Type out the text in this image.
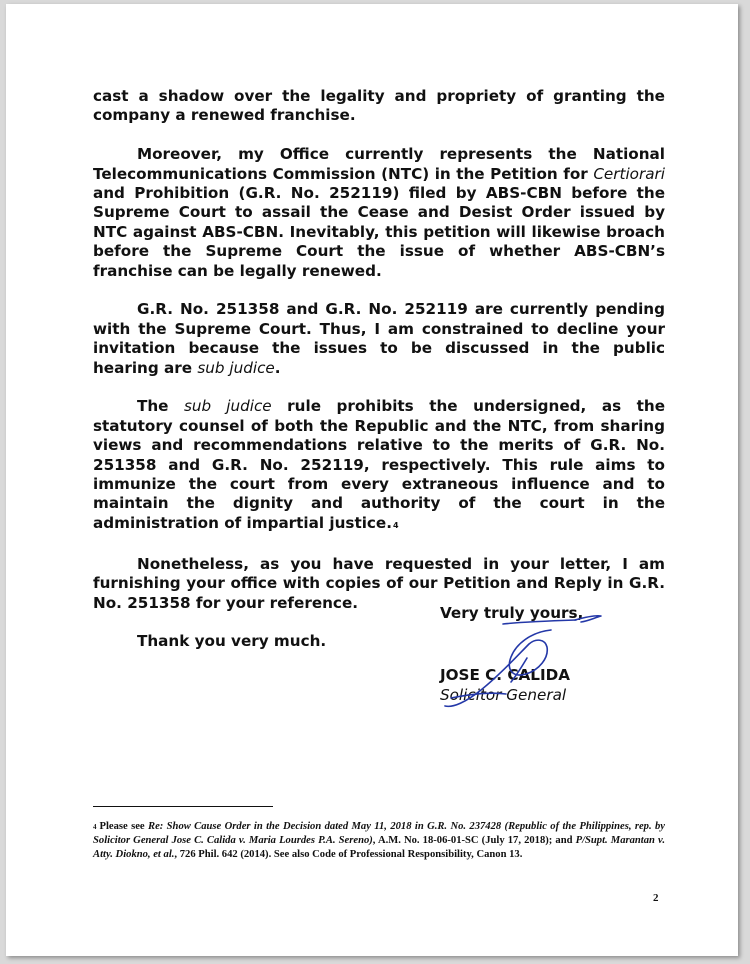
cast a shadow over the legality and propriety of granting the company a renewed franchise.

Moreover, my Office currently represents the National Telecommunications Commission (NTC) in the Petition for Certiorari and Prohibition (G.R. No. 252119) filed by ABS-CBN before the Supreme Court to assail the Cease and Desist Order issued by NTC against ABS-CBN. Inevitably, this petition will likewise broach before the Supreme Court the issue of whether ABS-CBN’s franchise can be legally renewed.

G.R. No. 251358 and G.R. No. 252119 are currently pending with the Supreme Court. Thus, I am constrained to decline your invitation because the issues to be discussed in the public hearing are sub judice.

The sub judice rule prohibits the undersigned, as the statutory counsel of both the Republic and the NTC, from sharing views and recommendations relative to the merits of G.R. No. 251358 and G.R. No. 252119, respectively. This rule aims to immunize the court from every extraneous influence and to maintain the dignity and authority of the court in the administration of impartial justice.4

Nonetheless, as you have requested in your letter, I am furnishing your office with copies of our Petition and Reply in G.R. No. 251358 for your reference.

Thank you very much.

Very truly yours,
JOSE C. CALIDA
Solicitor General
4 Please see Re: Show Cause Order in the Decision dated May 11, 2018 in G.R. No. 237428 (Republic of the Philippines, rep. by Solicitor General Jose C. Calida v. Maria Lourdes P.A. Sereno), A.M. No. 18-06-01-SC (July 17, 2018); and P/Supt. Marantan v. Atty. Diokno, et al., 726 Phil. 642 (2014). See also Code of Professional Responsibility, Canon 13.
2
